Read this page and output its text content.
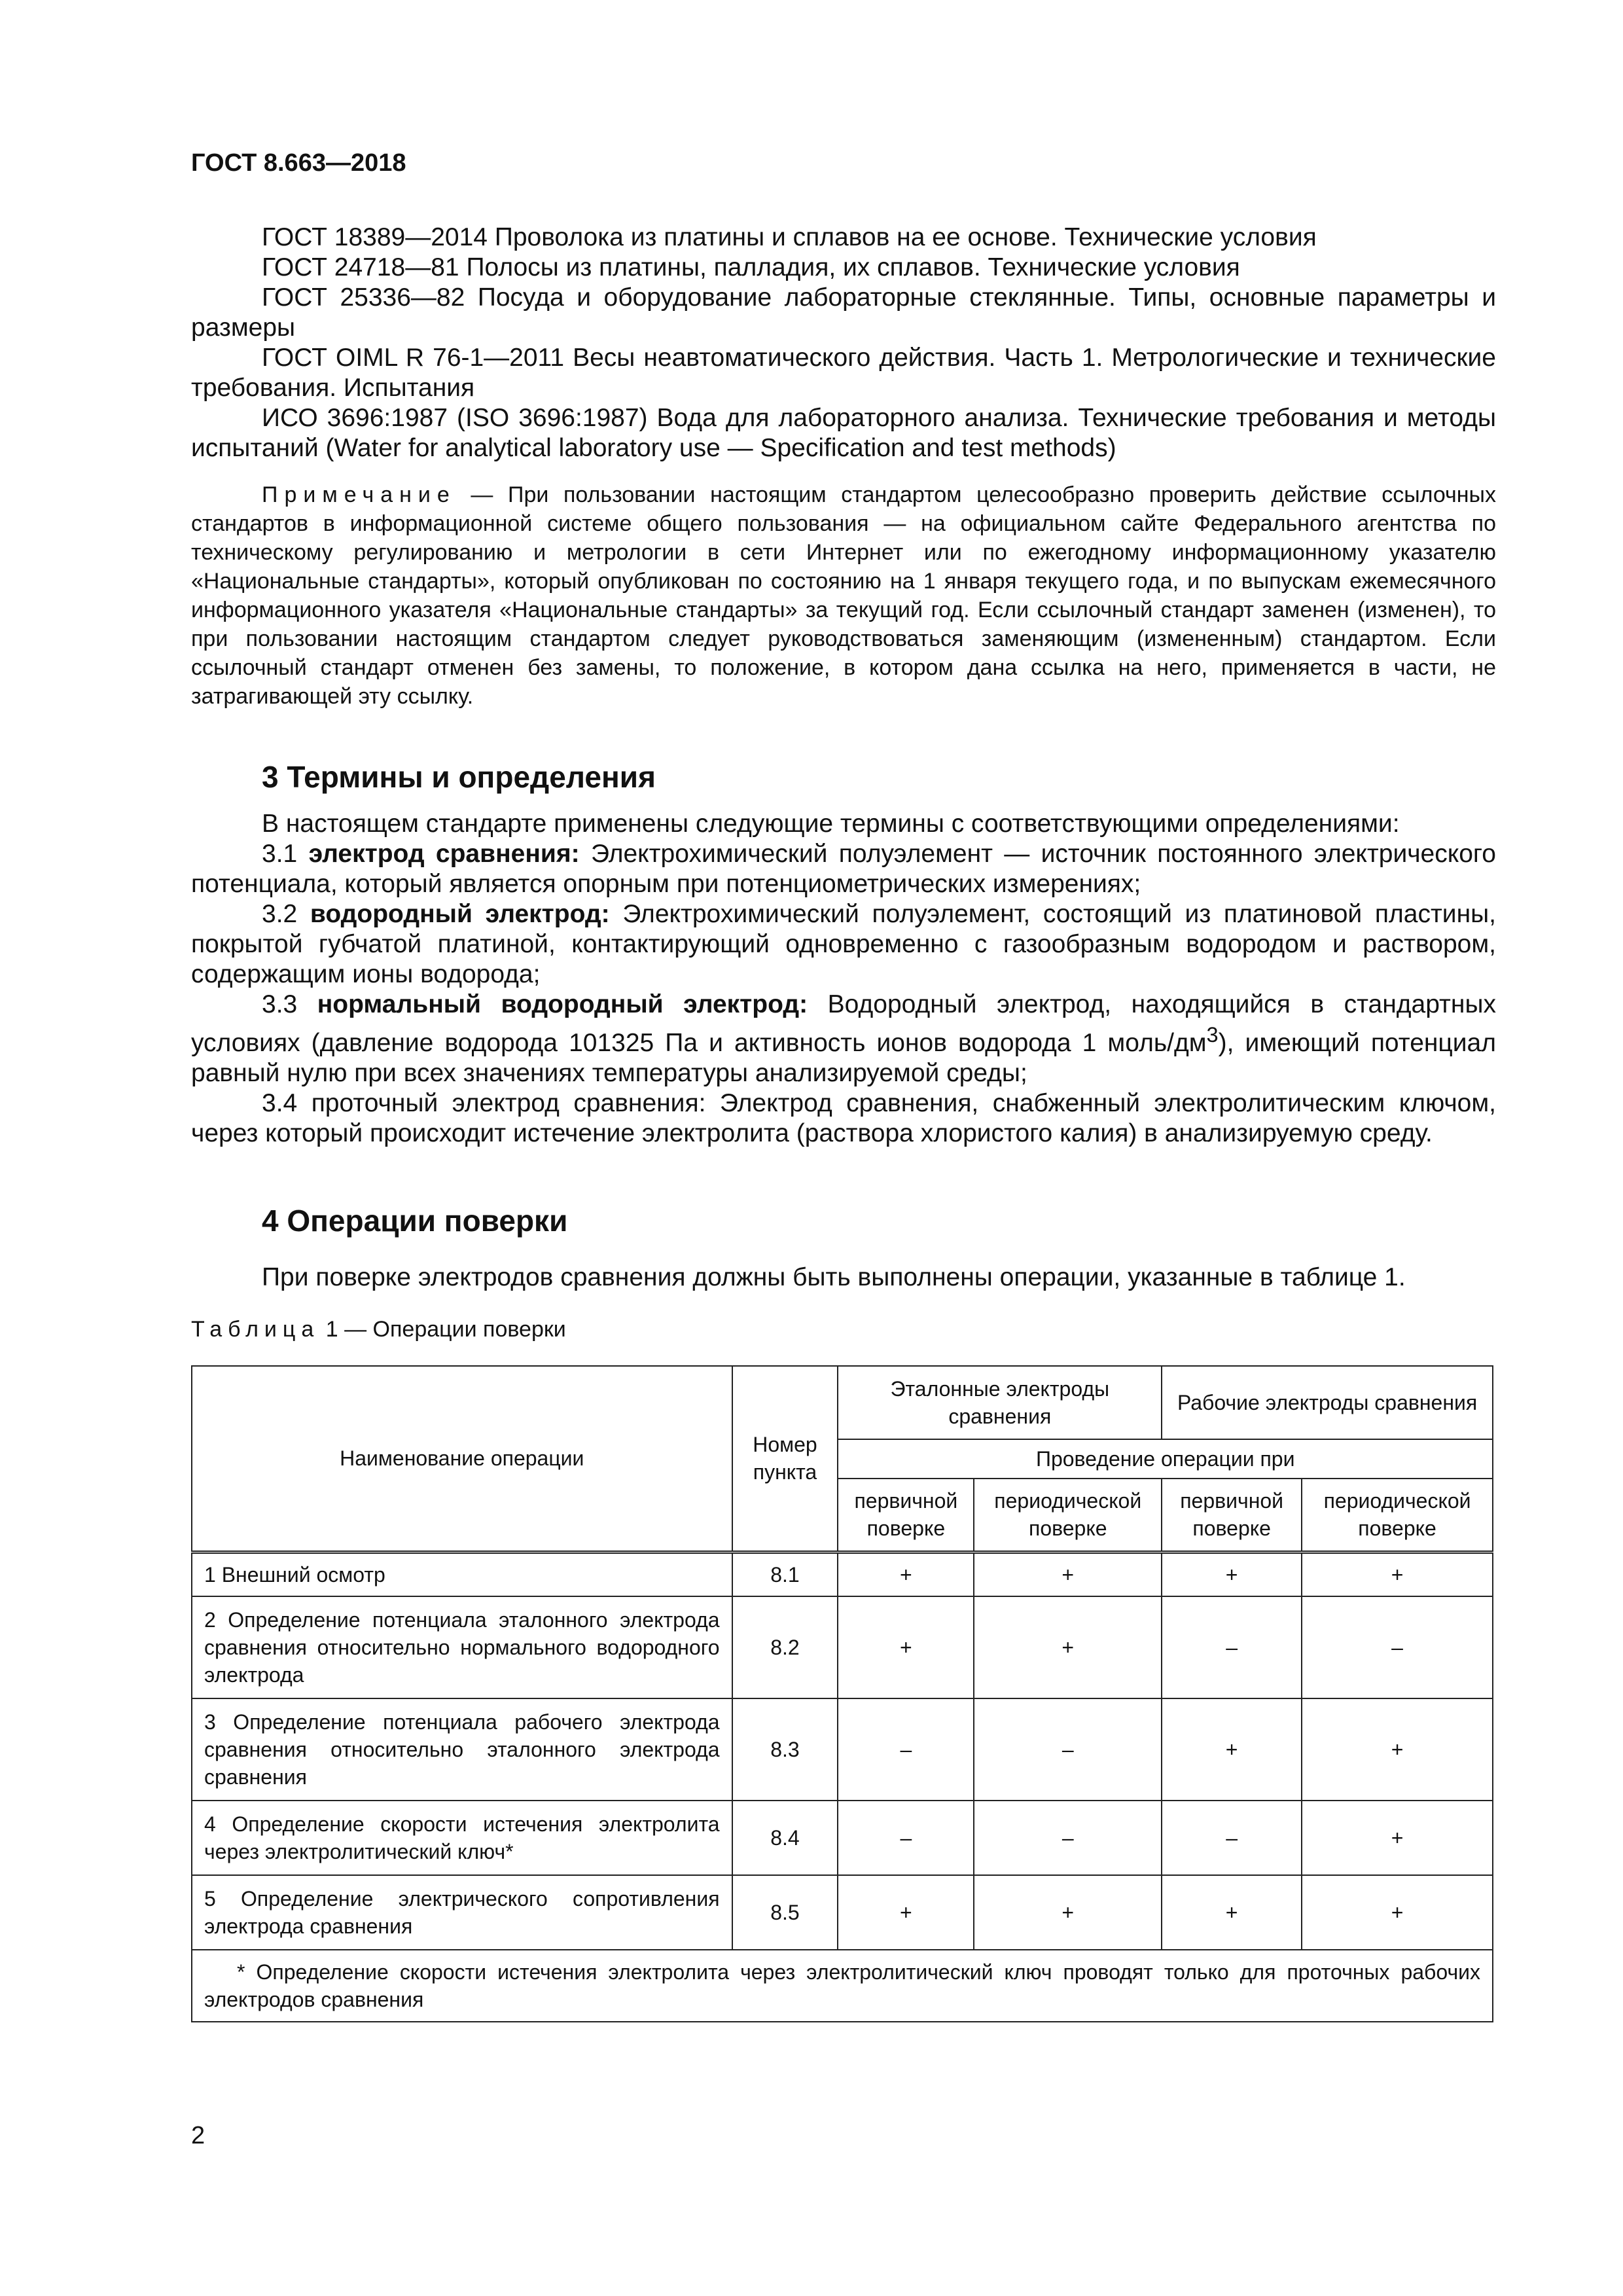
ГОСТ 8.663—2018

ГОСТ 18389—2014 Проволока из платины и сплавов на ее основе. Технические условия

ГОСТ 24718—81 Полосы из платины, палладия, их сплавов. Технические условия

ГОСТ 25336—82 Посуда и оборудование лабораторные стеклянные. Типы, основные параметры и размеры

ГОСТ OIML R 76-1—2011 Весы неавтоматического действия. Часть 1. Метрологические и технические требования. Испытания

ИСО 3696:1987 (ISO 3696:1987) Вода для лабораторного анализа. Технические требования и методы испытаний (Water for analytical laboratory use — Specification and test methods)

Примечание — При пользовании настоящим стандартом целесообразно проверить действие ссылочных стандартов в информационной системе общего пользования — на официальном сайте Федерального агентства по техническому регулированию и метрологии в сети Интернет или по ежегодному информационному указателю «Национальные стандарты», который опубликован по состоянию на 1 января текущего года, и по выпускам ежемесячного информационного указателя «Национальные стандарты» за текущий год. Если ссылочный стандарт заменен (изменен), то при пользовании настоящим стандартом следует руководствоваться заменяющим (измененным) стандартом. Если ссылочный стандарт отменен без замены, то положение, в котором дана ссылка на него, применяется в части, не затрагивающей эту ссылку.
3 Термины и определения

В настоящем стандарте применены следующие термины с соответствующими определениями:

3.1 электрод сравнения: Электрохимический полуэлемент — источник постоянного электрического потенциала, который является опорным при потенциометрических измерениях;

3.2 водородный электрод: Электрохимический полуэлемент, состоящий из платиновой пластины, покрытой губчатой платиной, контактирующий одновременно с газообразным водородом и раствором, содержащим ионы водорода;

3.3 нормальный водородный электрод: Водородный электрод, находящийся в стандартных условиях (давление водорода 101325 Па и активность ионов водорода 1 моль/$дм^3$), имеющий потенциал равный нулю при всех значениях температуры анализируемой среды;

3.4 проточный электрод сравнения: Электрод сравнения, снабженный электролитическим ключом, через который происходит истечение электролита (раствора хлористого калия) в анализируемую среду.

4 Операции поверки
При поверке электродов сравнения должны быть выполнены операции, указанные в таблице 1.
Таблица 1 — Операции поверки
Наименование операции	Номер пункта	Эталонные электроды сравнения		Рабочие электроды сравнения	
		Проведение операции при			
		первичной поверке	периодической поверке	первичной поверке	периодической поверке
1 Внешний осмотр	8.1	+	+	+	+
2 Определение потенциала эталонного электрода сравнения относительно нормального водородного электрода	8.2	+	+	–	–
3 Определение потенциала рабочего электрода сравнения относительно эталонного электрода сравнения	8.3	–	–	+	+
4 Определение скорости истечения электролита через электролитический ключ*	8.4	–	–	–	+
5 Определение электрического сопротивления электрода сравнения	8.5	+	+	+	+
* Определение скорости истечения электролита через электролитический ключ проводят только для проточных рабочих электродов сравнения					
2
